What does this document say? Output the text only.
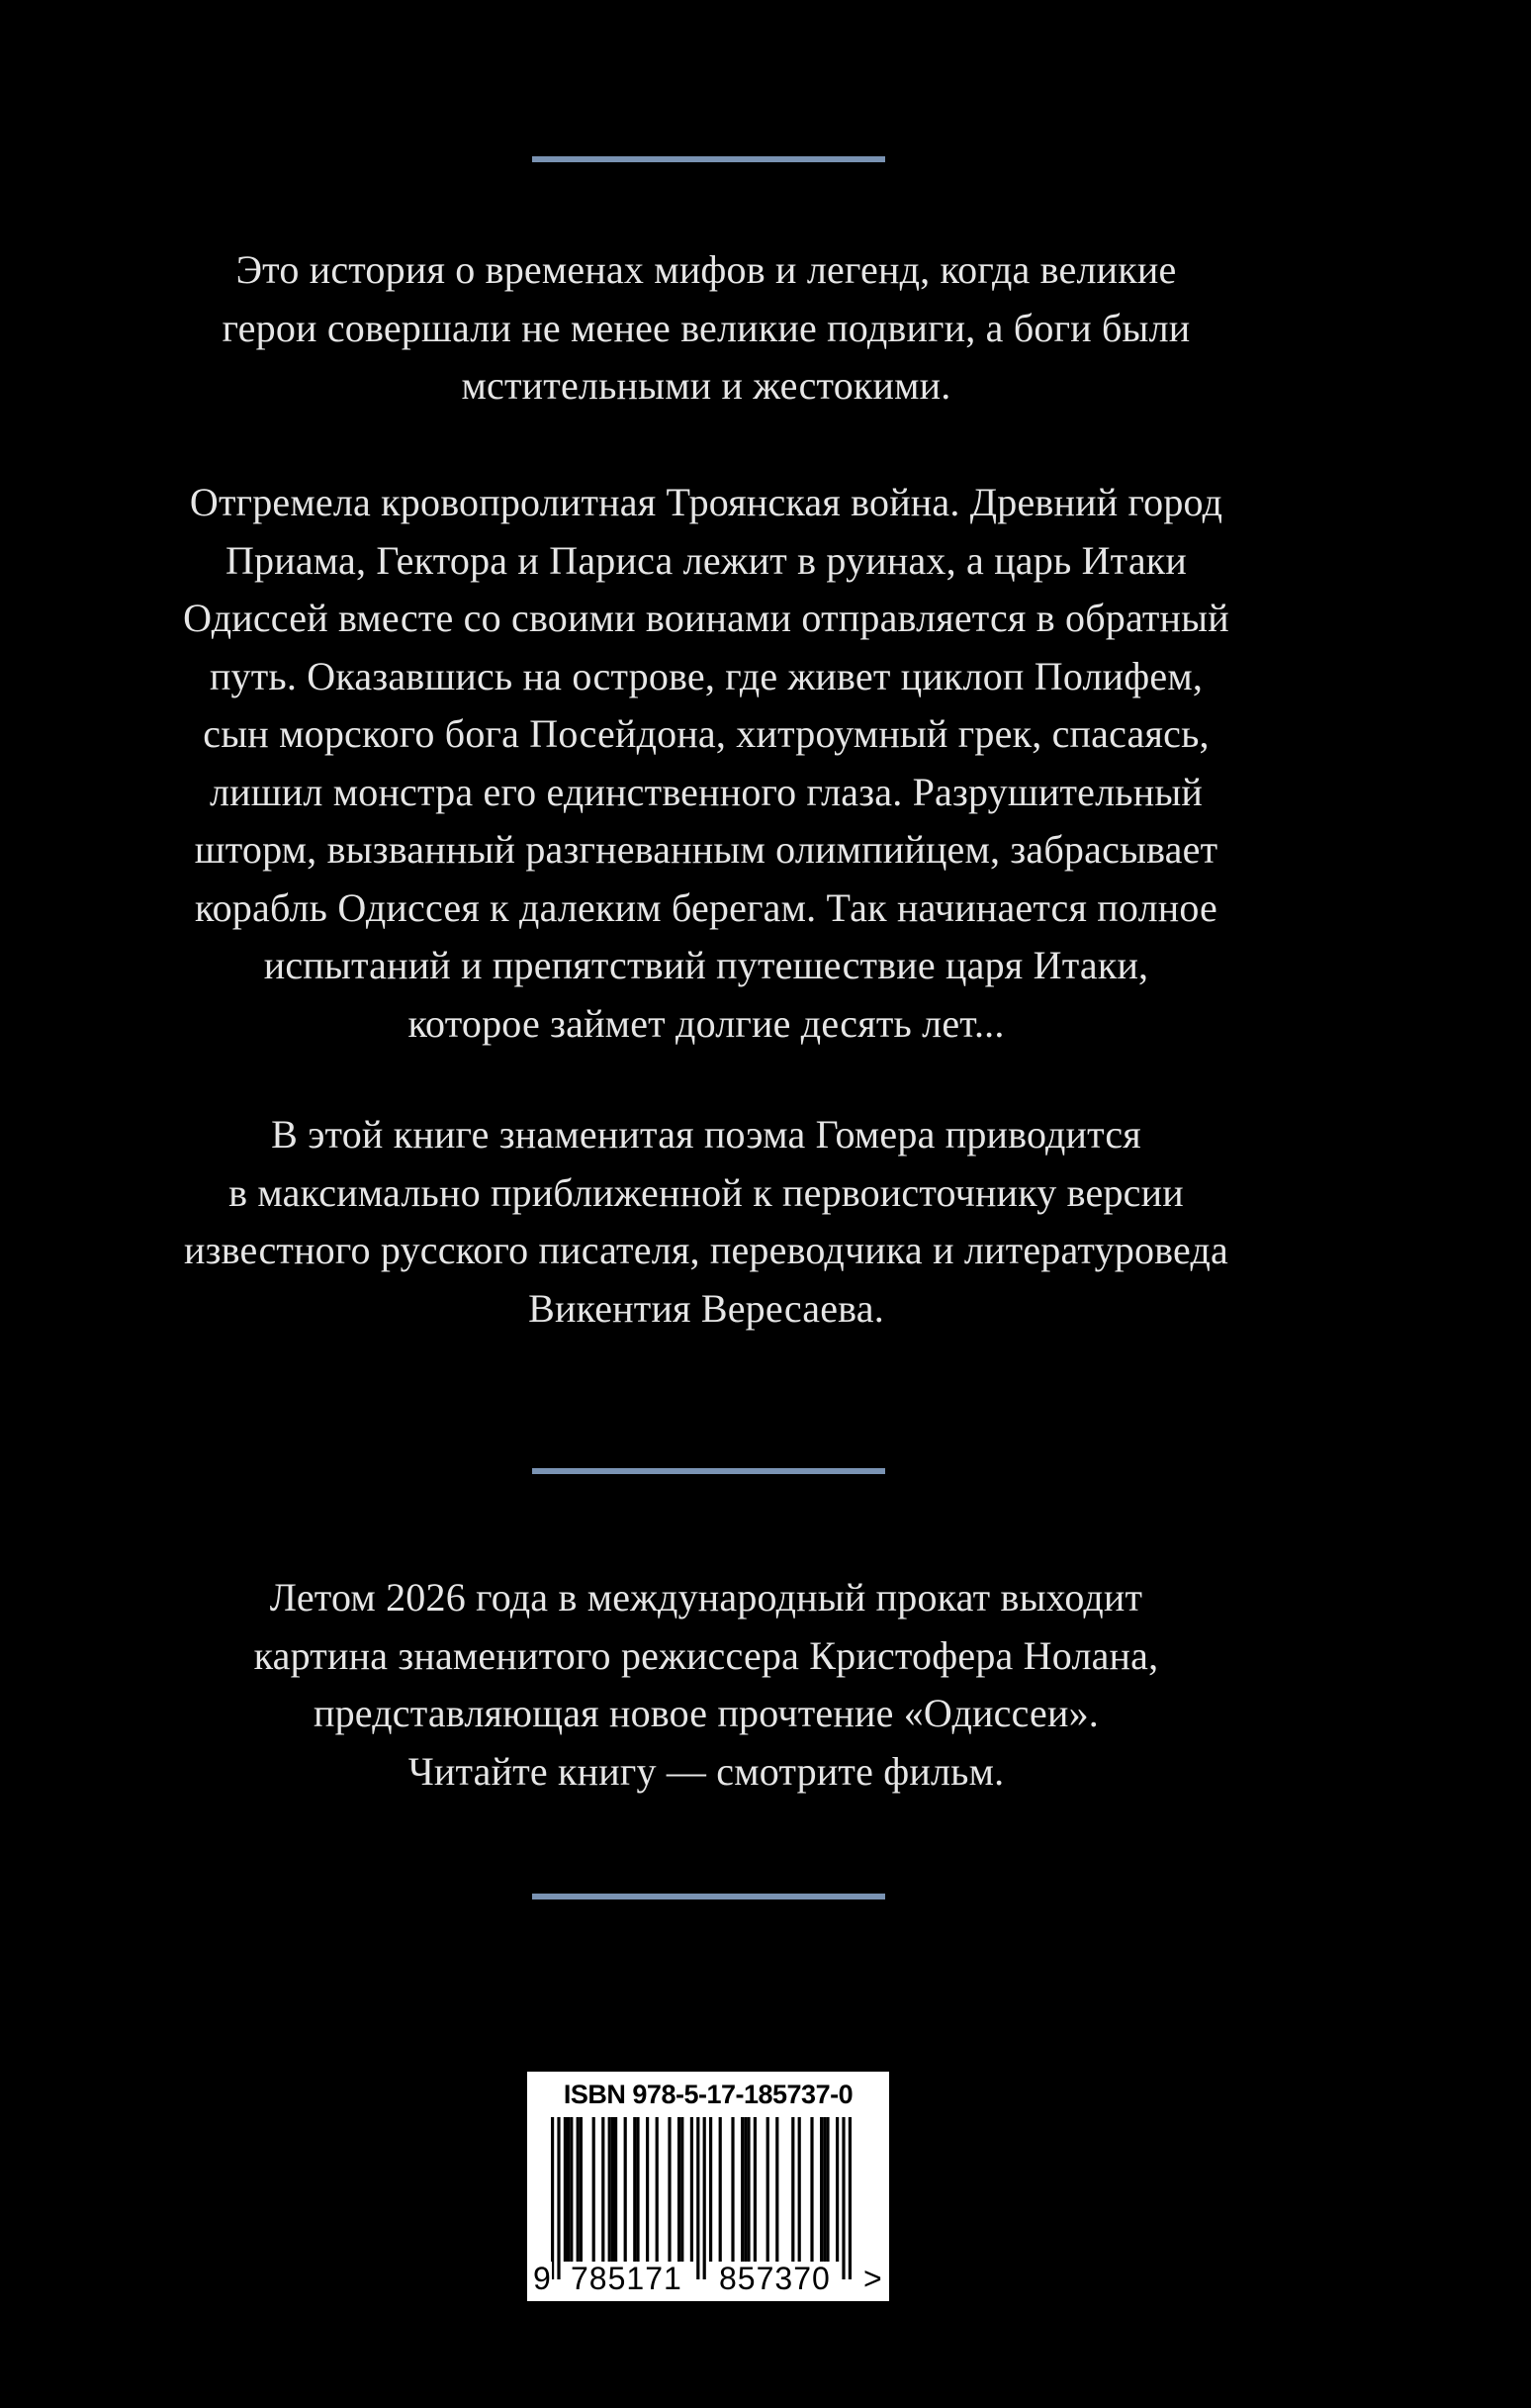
Это история о временах мифов и легенд, когда великие
герои совершали не менее великие подвиги, а боги были
мстительными и жестокими.
Отгремела кровопролитная Троянская война. Древний город
Приама, Гектора и Париса лежит в руинах, а царь Итаки
Одиссей вместе со своими воинами отправляется в обратный
путь. Оказавшись на острове, где живет циклоп Полифем,
сын морского бога Посейдона, хитроумный грек, спасаясь,
лишил монстра его единственного глаза. Разрушительный
шторм, вызванный разгневанным олимпийцем, забрасывает
корабль Одиссея к далеким берегам. Так начинается полное
испытаний и препятствий путешествие царя Итаки,
которое займет долгие десять лет...
В этой книге знаменитая поэма Гомера приводится
в максимально приближенной к первоисточнику версии
известного русского писателя, переводчика и литературоведа
Викентия Вересаева.
Летом 2026 года в международный прокат выходит
картина знаменитого режиссера Кристофера Нолана,
представляющая новое прочтение «Одиссеи».
Читайте книгу — смотрите фильм.
ISBN 978-5-17-185737-0
9 785171 857370 >
